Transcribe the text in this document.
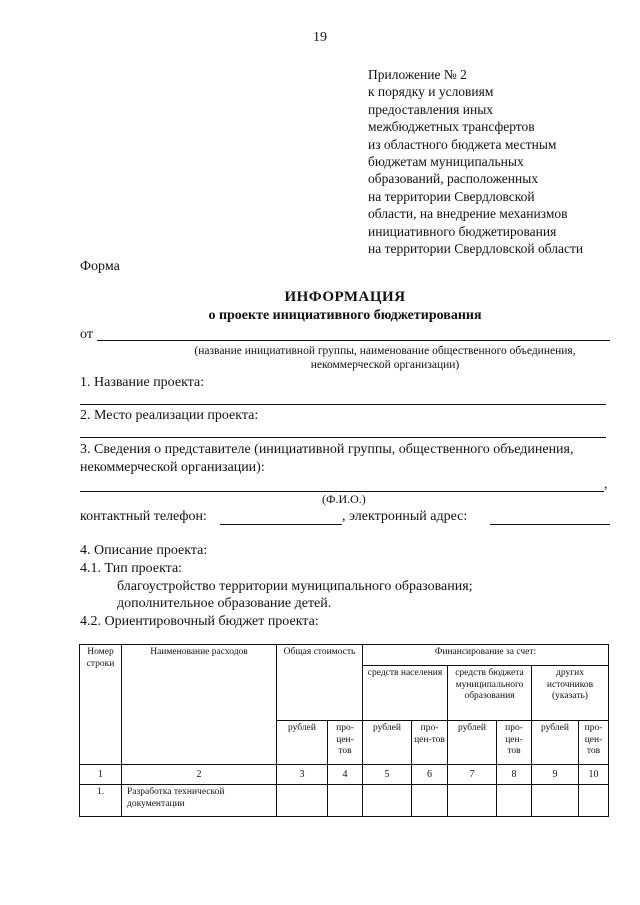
19
Приложение № 2
к порядку и условиям
предоставления иных
межбюджетных трансфертов
из областного бюджета местным
бюджетам муниципальных
образований, расположенных
на территории Свердловской
области, на внедрение механизмов
инициативного бюджетирования
на территории Свердловской области
Форма
ИНФОРМАЦИЯ
о проекте инициативного бюджетирования
от
(название инициативной группы, наименование общественного объединения,
некоммерческой организации)
1. Название проекта:
2. Место реализации проекта:
3. Сведения о представителе (инициативной группы, общественного объединения,
некоммерческой организации):
,
(Ф.И.О.)
контактный телефон:	, электронный адрес:
4. Описание проекта:
4.1. Тип проекта:
благоустройство территории муниципального образования;
дополнительное образование детей.
4.2. Ориентировочный бюджет проекта:
Номер строки	Наименование расходов	Общая стоимость		Финансирование за счет:					
				средств населения		средств бюджета муниципального образования		других источников (указать)	
		рублей	про-цен-тов	рублей	про-цен-тов	рублей	про-цен-тов	рублей	про-цен-тов
1	2	3	4	5	6	7	8	9	10
1.	Разработка технической документации								
